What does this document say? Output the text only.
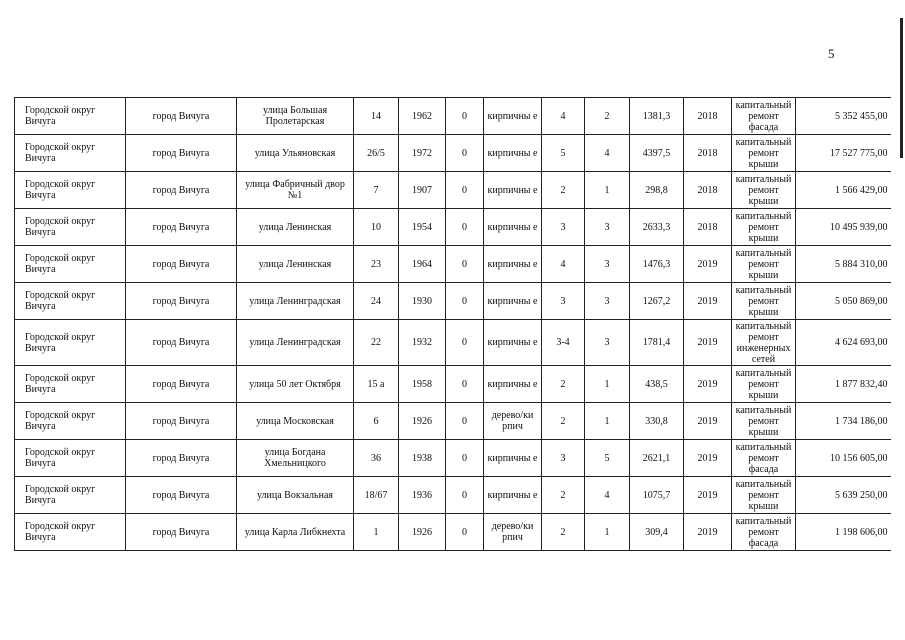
5
Городской округ Вичуга	город Вичуга	улица Большая Пролетарская	14	1962	0	кирпичны е	4	2	1381,3	2018	капитальный ремонт фасада	5 352 455,00
Городской округ Вичуга	город Вичуга	улица Ульяновская	26/5	1972	0	кирпичны е	5	4	4397,5	2018	капитальный ремонт крыши	17 527 775,00
Городской округ Вичуга	город Вичуга	улица Фабричный двор №1	7	1907	0	кирпичны е	2	1	298,8	2018	капитальный ремонт крыши	1 566 429,00
Городской округ Вичуга	город Вичуга	улица Ленинская	10	1954	0	кирпичны е	3	3	2633,3	2018	капитальный ремонт крыши	10 495 939,00
Городской округ Вичуга	город Вичуга	улица Ленинская	23	1964	0	кирпичны е	4	3	1476,3	2019	капитальный ремонт крыши	5 884 310,00
Городской округ Вичуга	город Вичуга	улица Ленинградская	24	1930	0	кирпичны е	3	3	1267,2	2019	капитальный ремонт крыши	5 050 869,00
Городской округ Вичуга	город Вичуга	улица Ленинградская	22	1932	0	кирпичны е	3-4	3	1781,4	2019	капитальный ремонт инженерных сетей	4 624 693,00
Городской округ Вичуга	город Вичуга	улица 50 лет Октября	15 а	1958	0	кирпичны е	2	1	438,5	2019	капитальный ремонт крыши	1 877 832,40
Городской округ Вичуга	город Вичуга	улица Московская	6	1926	0	дерево/ки рпич	2	1	330,8	2019	капитальный ремонт крыши	1 734 186,00
Городской округ Вичуга	город Вичуга	улица Богдана Хмельницкого	36	1938	0	кирпичны е	3	5	2621,1	2019	капитальный ремонт фасада	10 156 605,00
Городской округ Вичуга	город Вичуга	улица Вокзальная	18/67	1936	0	кирпичны е	2	4	1075,7	2019	капитальный ремонт крыши	5 639 250,00
Городской округ Вичуга	город Вичуга	улица Карла Либкнехта	1	1926	0	дерево/ки рпич	2	1	309,4	2019	капитальный ремонт фасада	1 198 606,00
